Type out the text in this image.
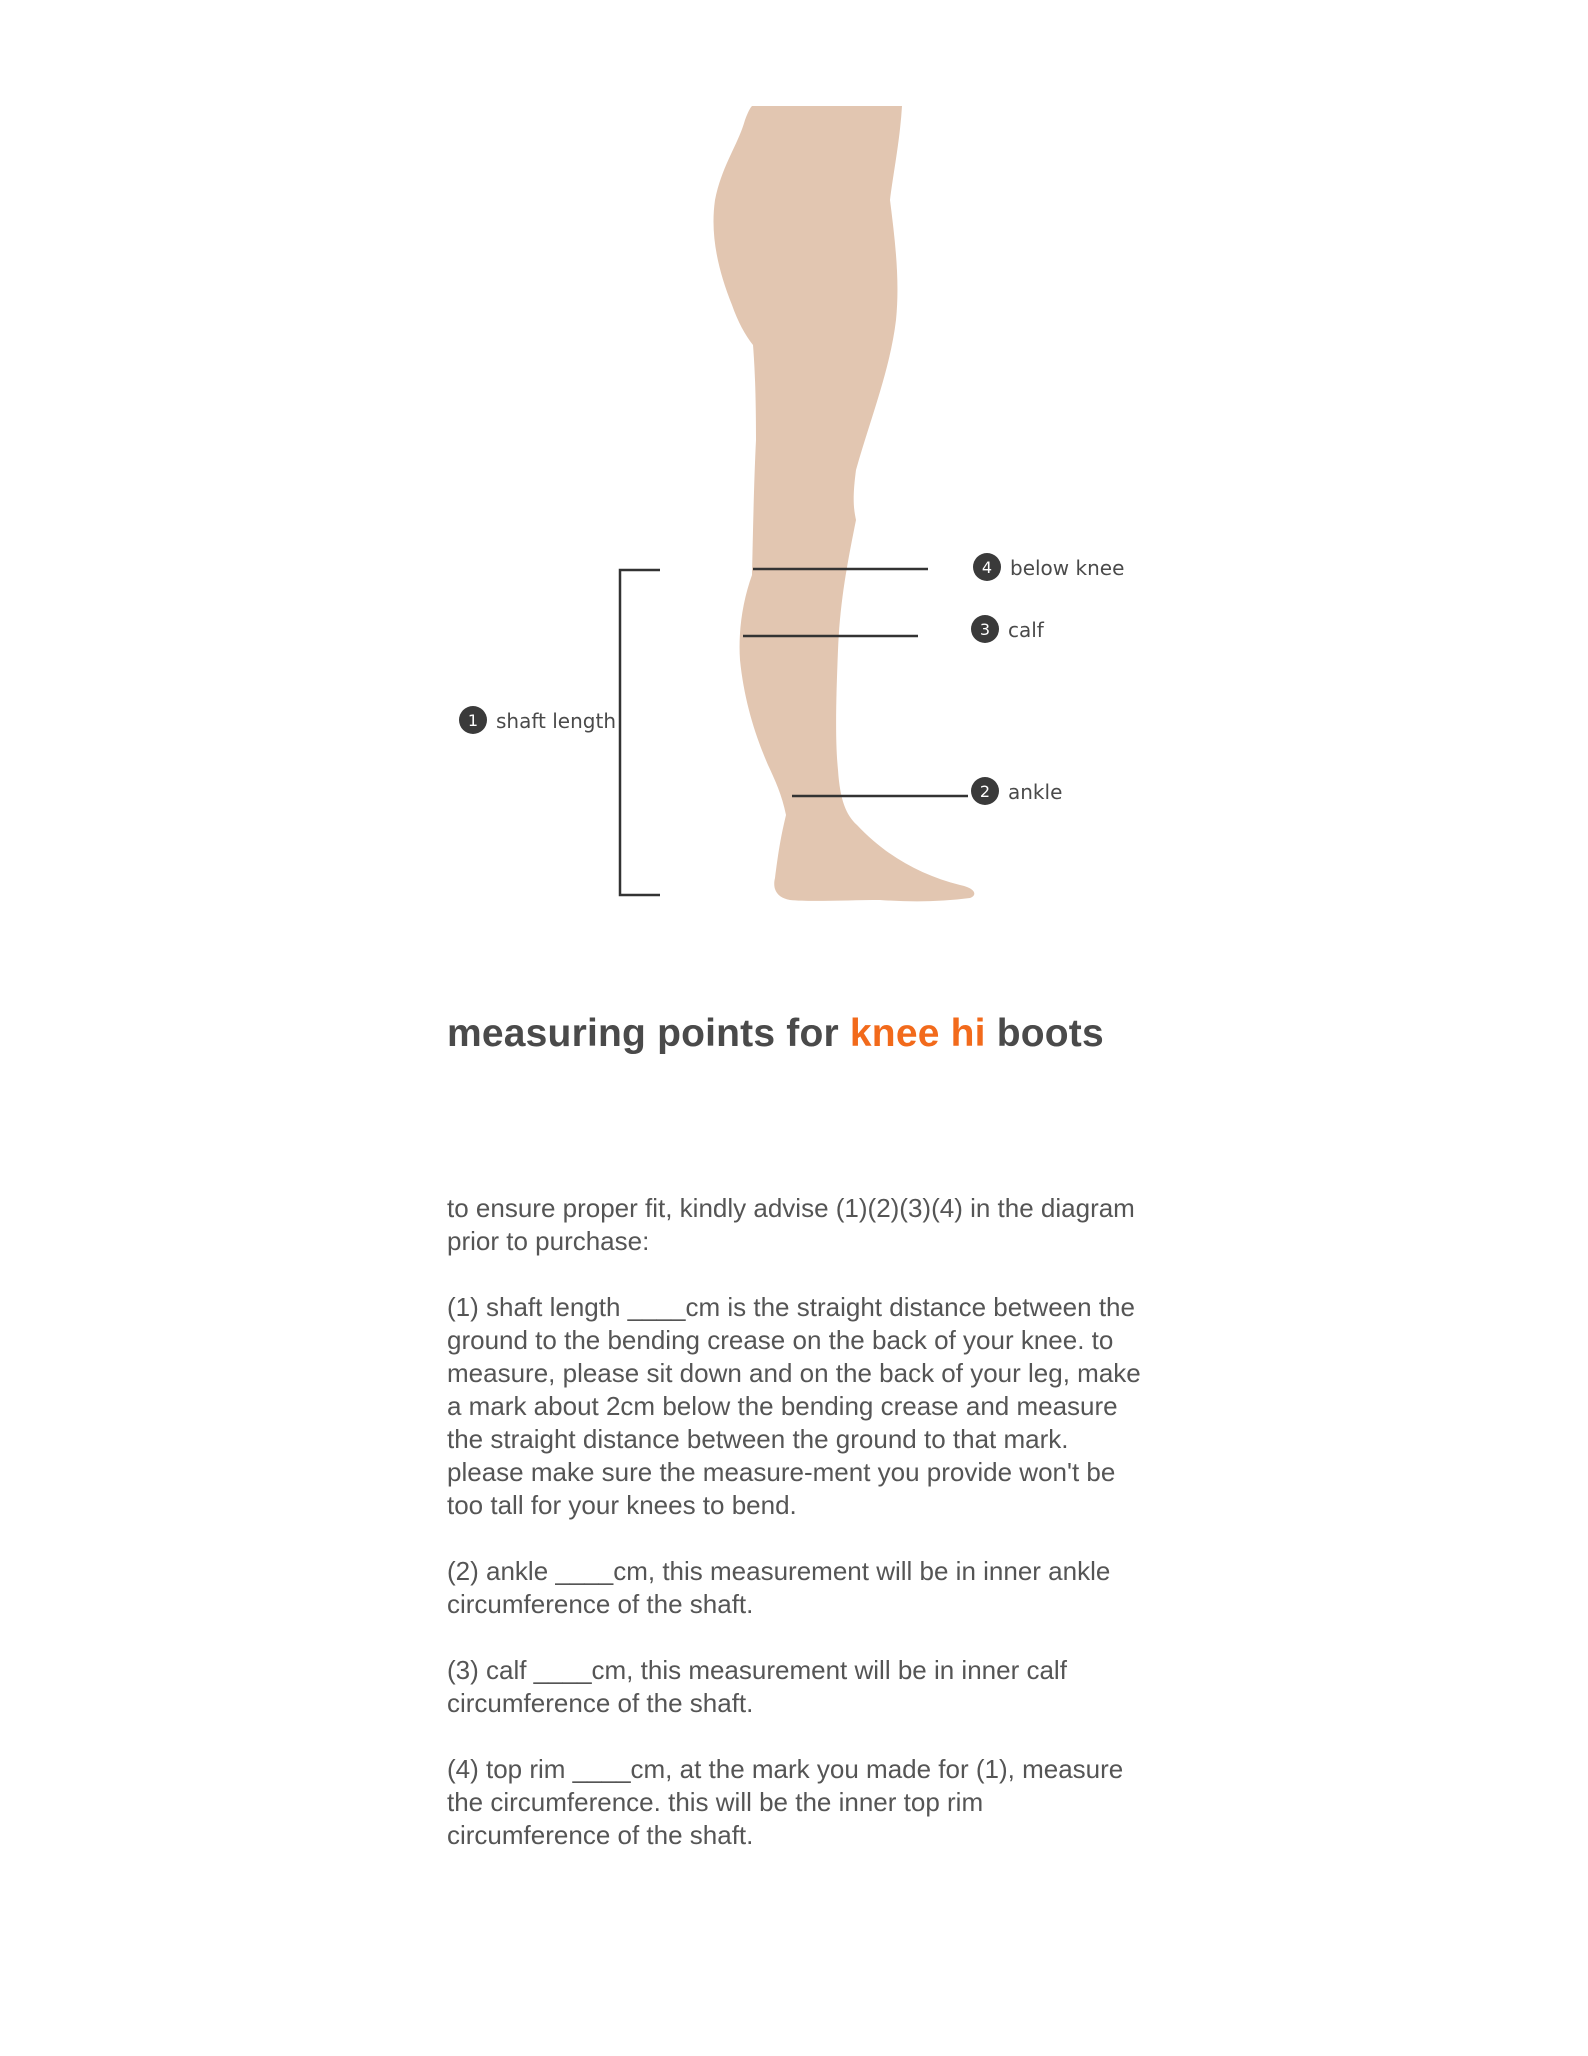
4 below knee
3 calf
1 shaft length
2 ankle
measuring points for knee hi boots

to ensure proper fit, kindly advise (1)(2)(3)(4) in the diagram prior to purchase:

(1) shaft length ____cm is the straight distance between the ground to the bending crease on the back of your knee. to measure, please sit down and on the back of your leg, make a mark about 2cm below the bending crease and measure the straight distance between the ground to that mark. please make sure the measure-ment you provide won't be too tall for your knees to bend.

(2) ankle ____cm, this measurement will be in inner ankle circumference of the shaft.

(3) calf ____cm, this measurement will be in inner calf circumference of the shaft.

(4) top rim ____cm, at the mark you made for (1), measure the circumference. this will be the inner top rim circumference of the shaft.
